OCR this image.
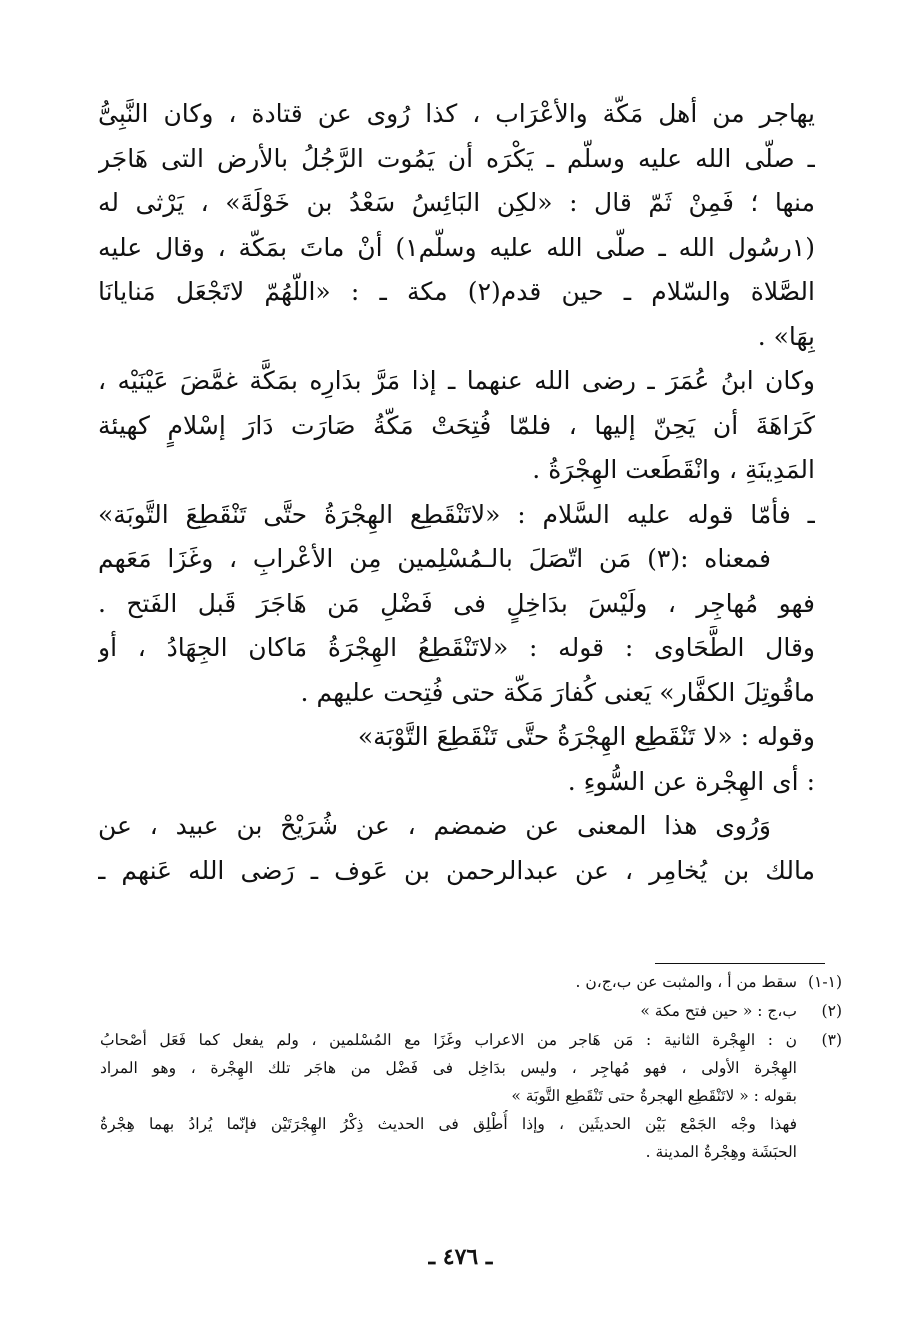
يهاجر من أهل مَكّة والأعْرَاب ، كذا رُوى عن قتادة ، وكان النَّبِىُّ
ـ صلّى الله عليه وسلّم ـ يَكْرَه أن يَمُوت الرَّجُلُ بالأرض التى هَاجَر
منها ؛ فَمِنْ ثَمّ قال : «لكِن البَائِسُ سَعْدُ بن خَوْلَةَ» ، يَرْثى له
(١رسُول الله ـ صلّى الله عليه وسلّم١) أنْ ماتَ بمَكّة ، وقال عليه
الصَّلاة والسّلام ـ حين قدم(٢) مكة ـ : «اللّهُمّ لاتَجْعَل مَنايانَا
بِهَا» .
وكان ابنُ عُمَرَ ـ رضى الله عنهما ـ إذا مَرَّ بدَارِه بمَكَّة غمَّضَ عَيْنَيْه ،
كَرَاهَةَ أن يَحِنّ إليها ، فلمّا فُتِحَتْ مَكّةُ صَارَت دَارَ إسْلامٍ كهيئة
المَدِينَةِ ، وانْقَطَعت الهِجْرَةُ .
ـ فأمّا قوله عليه السَّلام : «لاتَنْقَطِع الهِجْرَةُ حتَّى تَنْقَطِعَ التَّوبَة»
فمعناه :(٣) مَن اتّصَلَ بالـمُسْلِمين مِن الأعْرابِ ، وغَزَا مَعَهم
فهو مُهاجِر ، ولَيْسَ بدَاخِلٍ فى فَضْلِ مَن هَاجَرَ قَبل الفَتح .
وقال الطَّحَاوى : قوله : «لاتَنْقَطِعُ الهِجْرَةُ مَاكان الجِهَادُ ، أو
ماقُوتِلَ الكفَّار» يَعنى كُفارَ مَكّة حتى فُتِحت عليهم .
وقوله : «لا تَنْقَطِع الهِجْرَةُ حتَّى تَنْقَطِعَ التَّوْبَة»
: أى الهِجْرة عن السُّوءِ .
وَرُوى هذا المعنى عن ضمضم ، عن شُرَيْحْ بن عبيد ، عن
مالك بن يُخامِر ، عن عبدالرحمن بن عَوف ـ رَضى الله عَنهم ـ
(١-١)
سقط من أ ، والمثبت عن ب،ج،ن .
(٢)
ب،ج : « حين فتح مكة »
(٣)
ن : الهِجْرة الثانية : مَن هَاجر من الاعراب وغَزَا مع المُسْلمين ، ولم يفعل كما فَعَل أصْحابُ
الهِجْرة الأولى ، فهو مُهاجِر ، وليس بدَاخِل فى فَضْل من هاجَر تلك الهِجْرة ، وهو المراد
بقوله : « لاتَنْقَطِع الهجرةُ حتى تَنْقَطِع التَّوبَة »
فهذا وجْه الجَمْع بَيْن الحديثَين ، وإذا أُطْلِق فى الحديث ذِكْرُ الهِجْرَتَيْن فإنّما يُرادُ بهما هِجْرةُ
الحبَشَة وهِجْرةُ المدينة .
ـ ٤٧٦ ـ
